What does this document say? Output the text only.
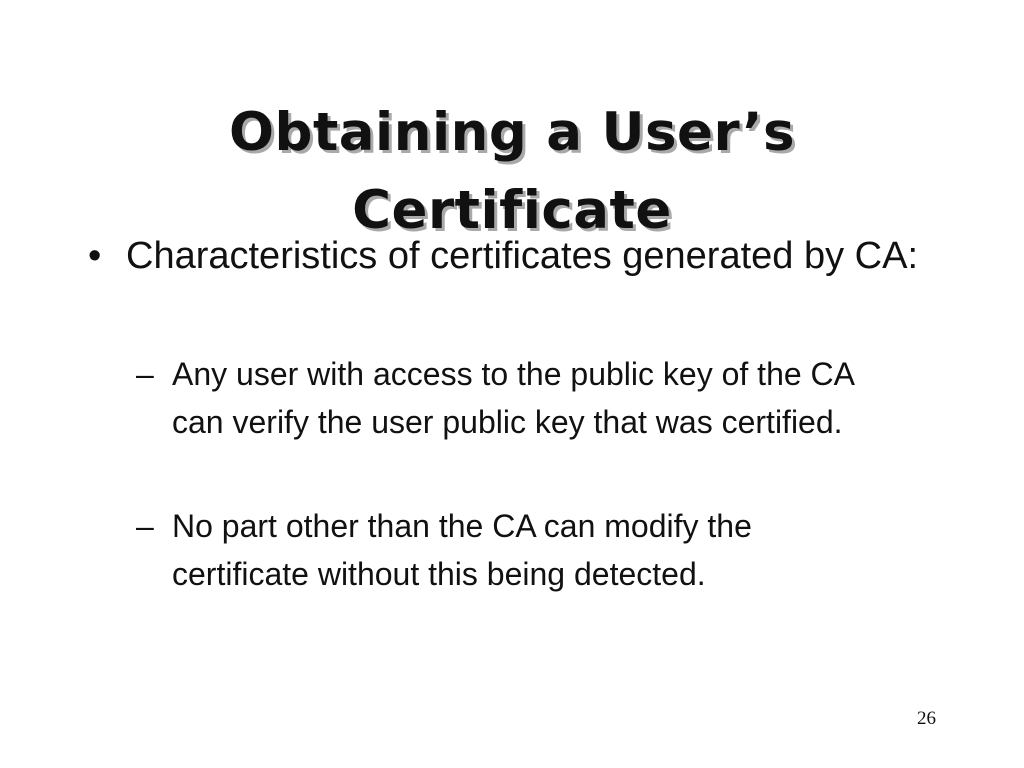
Obtaining a User’s
Certificate
• Characteristics of certificates generated by CA:
– Any user with access to the public key of the CA can verify the user public key that was certified.
– No part other than the CA can modify the certificate without this being detected.
26
